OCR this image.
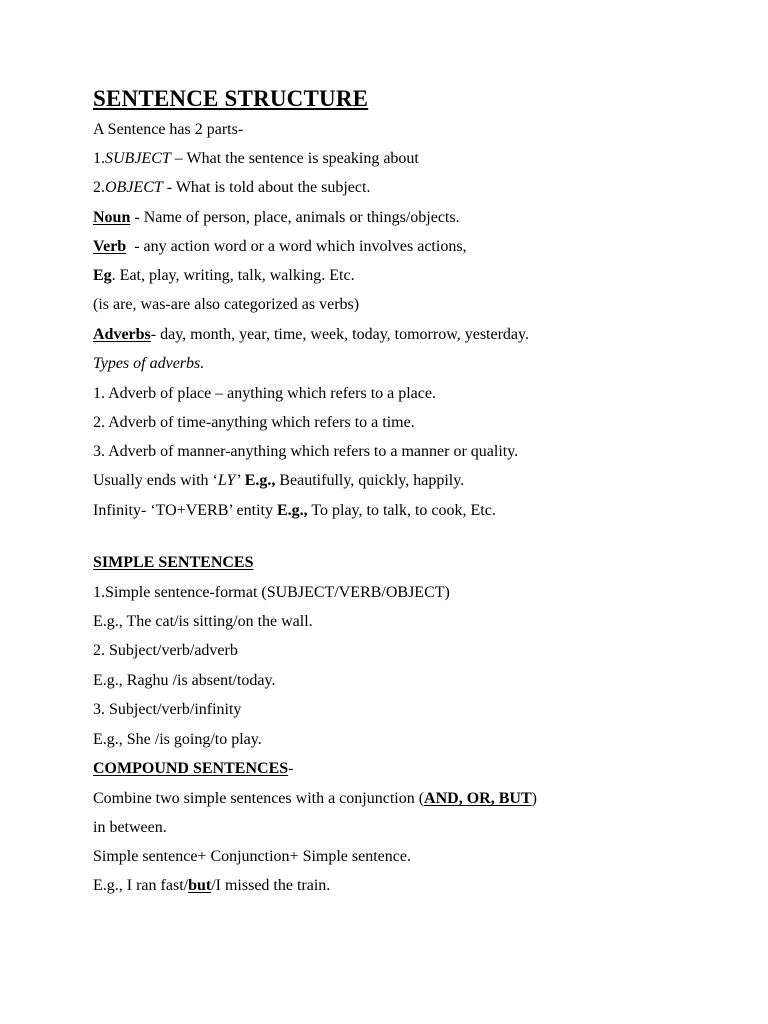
SENTENCE STRUCTURE
A Sentence has 2 parts-
1.SUBJECT – What the sentence is speaking about
2.OBJECT - What is told about the subject.
Noun - Name of person, place, animals or things/objects.
Verb  - any action word or a word which involves actions,
Eg. Eat, play, writing, talk, walking. Etc.
(is are, was-are also categorized as verbs)
Adverbs- day, month, year, time, week, today, tomorrow, yesterday.
Types of adverbs.
1. Adverb of place – anything which refers to a place.
2. Adverb of time-anything which refers to a time.
3. Adverb of manner-anything which refers to a manner or quality.
Usually ends with ‘LY’ E.g., Beautifully, quickly, happily.
Infinity- ‘TO+VERB’ entity E.g., To play, to talk, to cook, Etc.
SIMPLE SENTENCES
1.Simple sentence-format (SUBJECT/VERB/OBJECT)
E.g., The cat/is sitting/on the wall.
2. Subject/verb/adverb
E.g., Raghu /is absent/today.
3. Subject/verb/infinity
E.g., She /is going/to play.
COMPOUND SENTENCES-
Combine two simple sentences with a conjunction (AND, OR, BUT)
in between.
Simple sentence+ Conjunction+ Simple sentence.
E.g., I ran fast/but/I missed the train.
